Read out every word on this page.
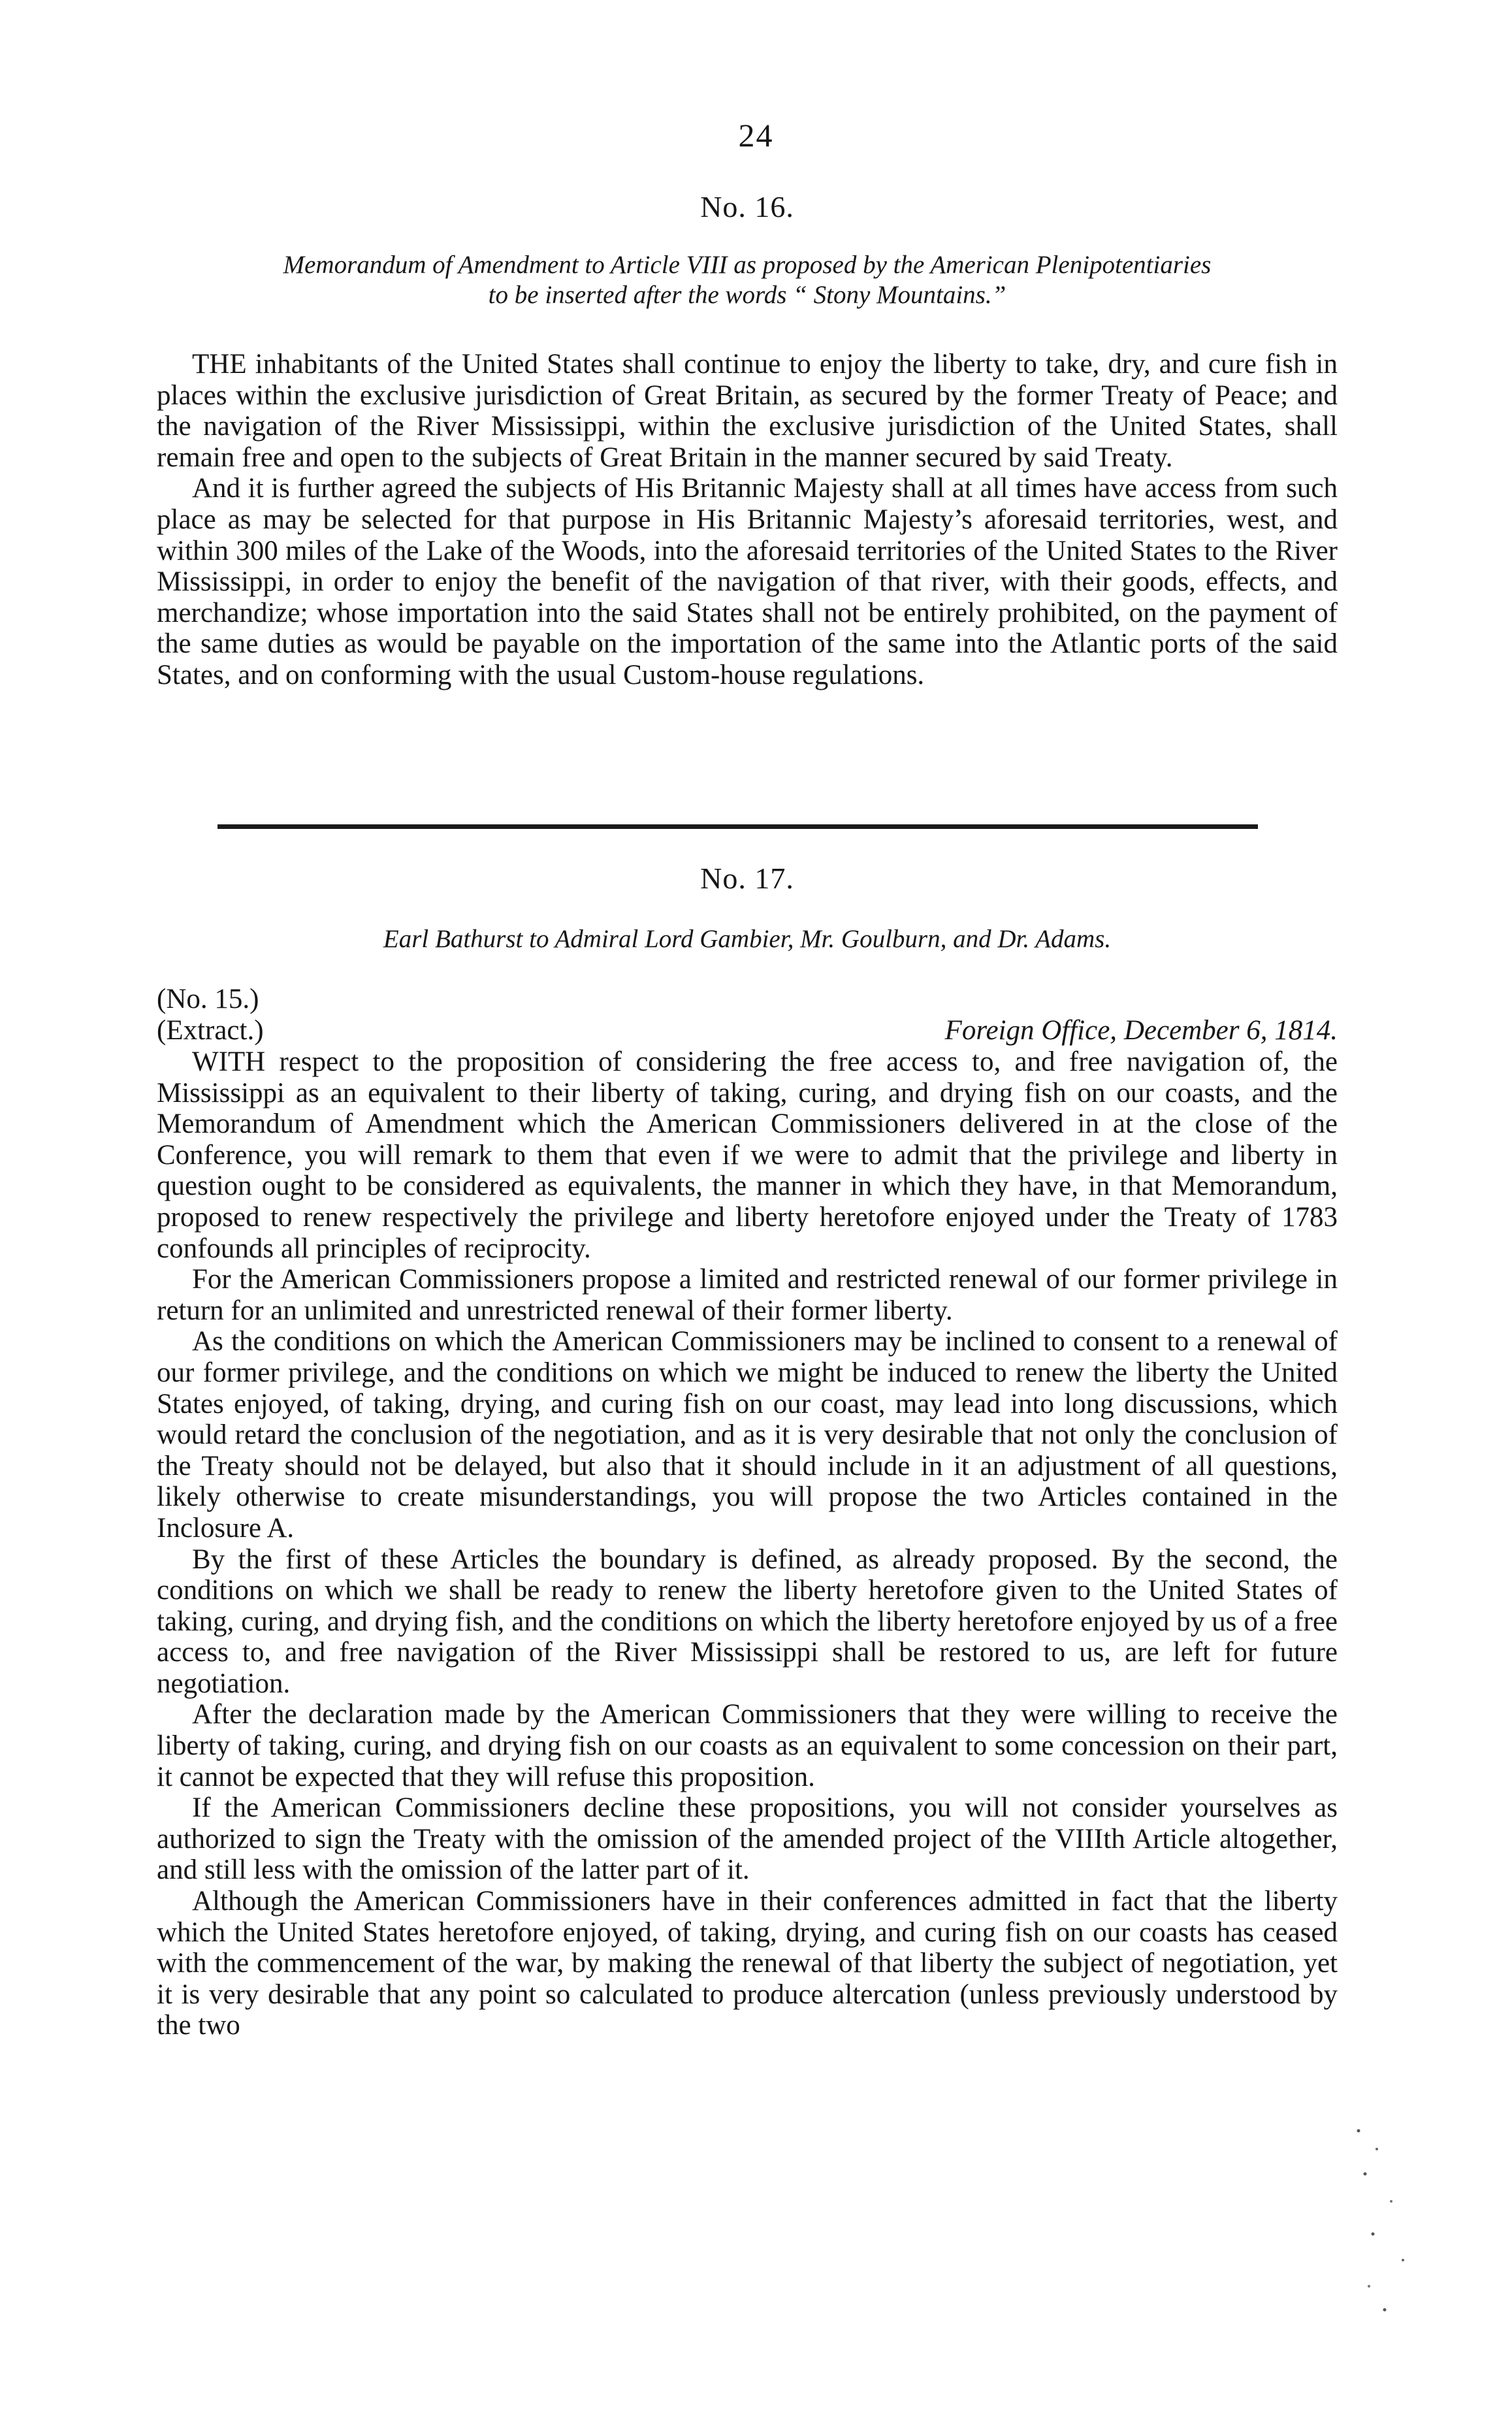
24
No. 16.
Memorandum of Amendment to Article VIII as proposed by the American Plenipotentiaries
to be inserted after the words “ Stony Mountains.”

THE inhabitants of the United States shall continue to enjoy the liberty to take, dry, and cure fish in places within the exclusive jurisdiction of Great Britain, as secured by the former Treaty of Peace; and the navigation of the River Mississippi, within the exclusive jurisdiction of the United States, shall remain free and open to the subjects of Great Britain in the manner secured by said Treaty.

And it is further agreed the subjects of His Britannic Majesty shall at all times have access from such place as may be selected for that purpose in His Britannic Majesty’s aforesaid territories, west, and within 300 miles of the Lake of the Woods, into the aforesaid territories of the United States to the River Mississippi, in order to enjoy the benefit of the navigation of that river, with their goods, effects, and merchandize; whose importation into the said States shall not be entirely prohibited, on the payment of the same duties as would be payable on the importation of the same into the Atlantic ports of the said States, and on conforming with the usual Custom-house regulations.

No. 17.
Earl Bathurst to Admiral Lord Gambier, Mr. Goulburn, and Dr. Adams.
(No. 15.)
(Extract.)	Foreign Office, December 6, 1814.

WITH respect to the proposition of considering the free access to, and free navigation of, the Mississippi as an equivalent to their liberty of taking, curing, and drying fish on our coasts, and the Memorandum of Amendment which the American Commissioners delivered in at the close of the Conference, you will remark to them that even if we were to admit that the privilege and liberty in question ought to be considered as equivalents, the manner in which they have, in that Memorandum, proposed to renew respectively the privilege and liberty heretofore enjoyed under the Treaty of 1783 confounds all principles of reciprocity.

For the American Commissioners propose a limited and restricted renewal of our former privilege in return for an unlimited and unrestricted renewal of their former liberty.

As the conditions on which the American Commissioners may be inclined to consent to a renewal of our former privilege, and the conditions on which we might be induced to renew the liberty the United States enjoyed, of taking, drying, and curing fish on our coast, may lead into long discussions, which would retard the conclusion of the negotiation, and as it is very desirable that not only the conclusion of the Treaty should not be delayed, but also that it should include in it an adjustment of all questions, likely otherwise to create misunderstandings, you will propose the two Articles contained in the Inclosure A.

By the first of these Articles the boundary is defined, as already proposed. By the second, the conditions on which we shall be ready to renew the liberty heretofore given to the United States of taking, curing, and drying fish, and the conditions on which the liberty heretofore enjoyed by us of a free access to, and free navigation of the River Mississippi shall be restored to us, are left for future negotiation.

After the declaration made by the American Commissioners that they were willing to receive the liberty of taking, curing, and drying fish on our coasts as an equivalent to some concession on their part, it cannot be expected that they will refuse this proposition.

If the American Commissioners decline these propositions, you will not consider yourselves as authorized to sign the Treaty with the omission of the amended project of the VIIIth Article altogether, and still less with the omission of the latter part of it.

Although the American Commissioners have in their conferences admitted in fact that the liberty which the United States heretofore enjoyed, of taking, drying, and curing fish on our coasts has ceased with the commencement of the war, by making the renewal of that liberty the subject of negotiation, yet it is very desirable that any point so calculated to produce altercation (unless previously understood by the two
